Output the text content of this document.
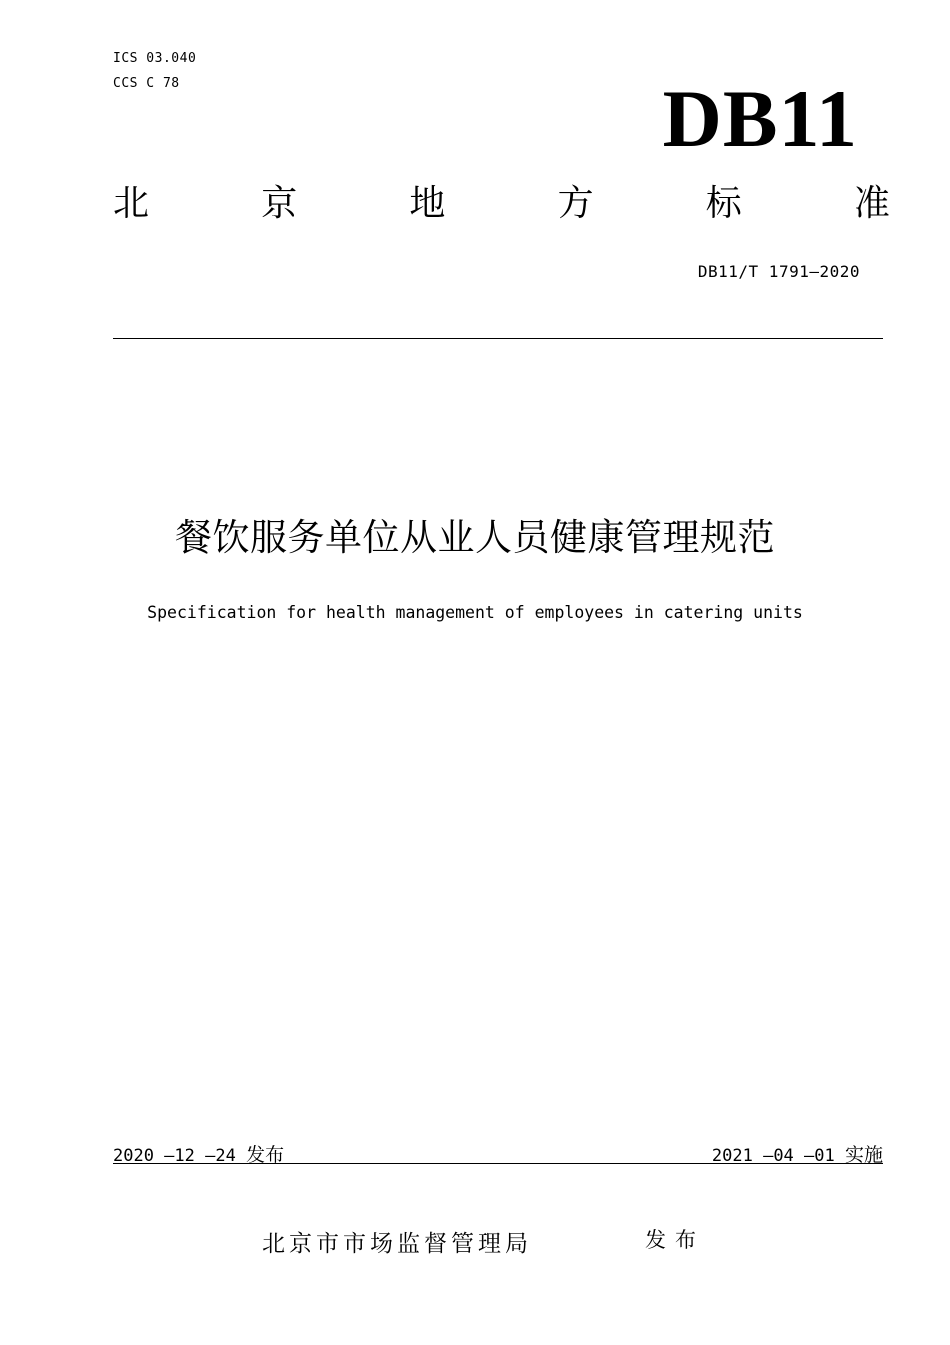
ICS 03.040
CCS C 78	DB11
北	京	地	方	标	准
DB11/T 1791—2020
餐饮服务单位从业人员健康管理规范
Specification for health management of employees in catering units
2020 —12 —24 发布	2021 —04 —01 实施
北京市市场监督管理局	发布
